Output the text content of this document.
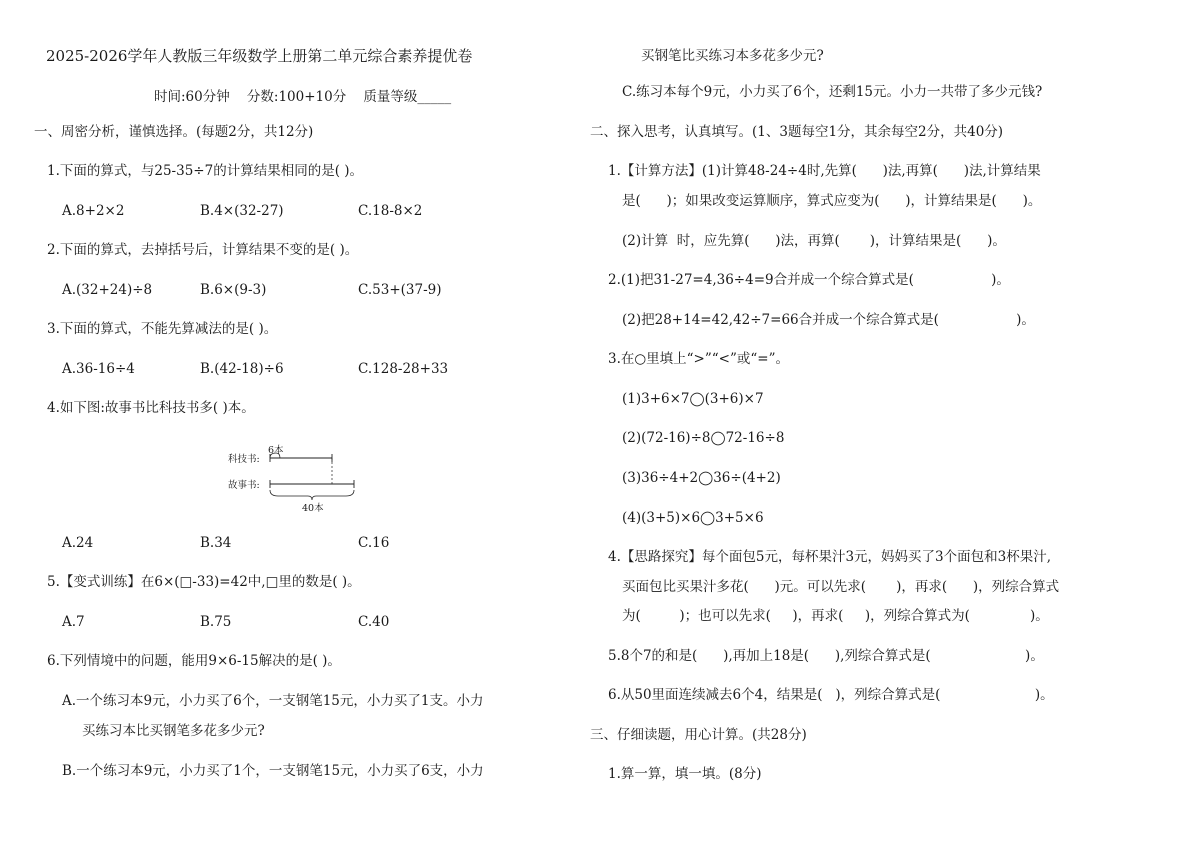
2025-2026学年人教版三年级数学上册第二单元综合素养提优卷
时间:60分钟    分数:100+10分    质量等级_____
一、周密分析，谨慎选择。(每题2分，共12分)
1.下面的算式，与25-35÷7的计算结果相同的是( )。
A.8+2×2	B.4×(32-27)	C.18-8×2
2.下面的算式，去掉括号后，计算结果不变的是( )。
A.(32+24)÷8	B.6×(9-3)	C.53+(37-9)
3.下面的算式，不能先算减法的是( )。
A.36-16÷4	B.(42-18)÷6	C.128-28+33
4.如下图:故事书比科技书多( )本。
6本
科技书:
故事书:
40本
A.24	B.34	C.16
5.【变式训练】在6×(□-33)=42中,□里的数是( )。
A.7	B.75	C.40
6.下列情境中的问题，能用9×6-15解决的是( )。
A.一个练习本9元，小力买了6个，一支钢笔15元，小力买了1支。小力
买练习本比买钢笔多花多少元?
B.一个练习本9元，小力买了1个，一支钢笔15元，小力买了6支，小力
买钢笔比买练习本多花多少元?
C.练习本每个9元，小力买了6个，还剩15元。小力一共带了多少元钱?
二、探入思考，认真填写。(1、3题每空1分，其余每空2分，共40分)
1.【计算方法】(1)计算48-24÷4时,先算(      )法,再算(      )法,计算结果
是(      )；如果改变运算顺序，算式应变为(      )，计算结果是(      )。
(2)计算  时，应先算(      )法，再算(       )，计算结果是(      )。
2.(1)把31-27=4,36÷4=9合并成一个综合算式是(                  )。
(2)把28+14=42,42÷7=66合并成一个综合算式是(                  )。
3.在○里填上“>”“<”或“=”。
(1)3+6×7◯(3+6)×7
(2)(72-16)÷8◯72-16÷8
(3)36÷4+2◯36÷(4+2)
(4)(3+5)×6◯3+5×6
4.【思路探究】每个面包5元，每杯果汁3元，妈妈买了3个面包和3杯果汁,
买面包比买果汁多花(      )元。可以先求(       )，再求(      )，列综合算式
为(         )；也可以先求(     )，再求(     )，列综合算式为(              )。
5.8个7的和是(      ),再加上18是(      ),列综合算式是(                      )。
6.从50里面连续减去6个4，结果是(   )，列综合算式是(                      )。
三、仔细读题，用心计算。(共28分)
1.算一算，填一填。(8分)
